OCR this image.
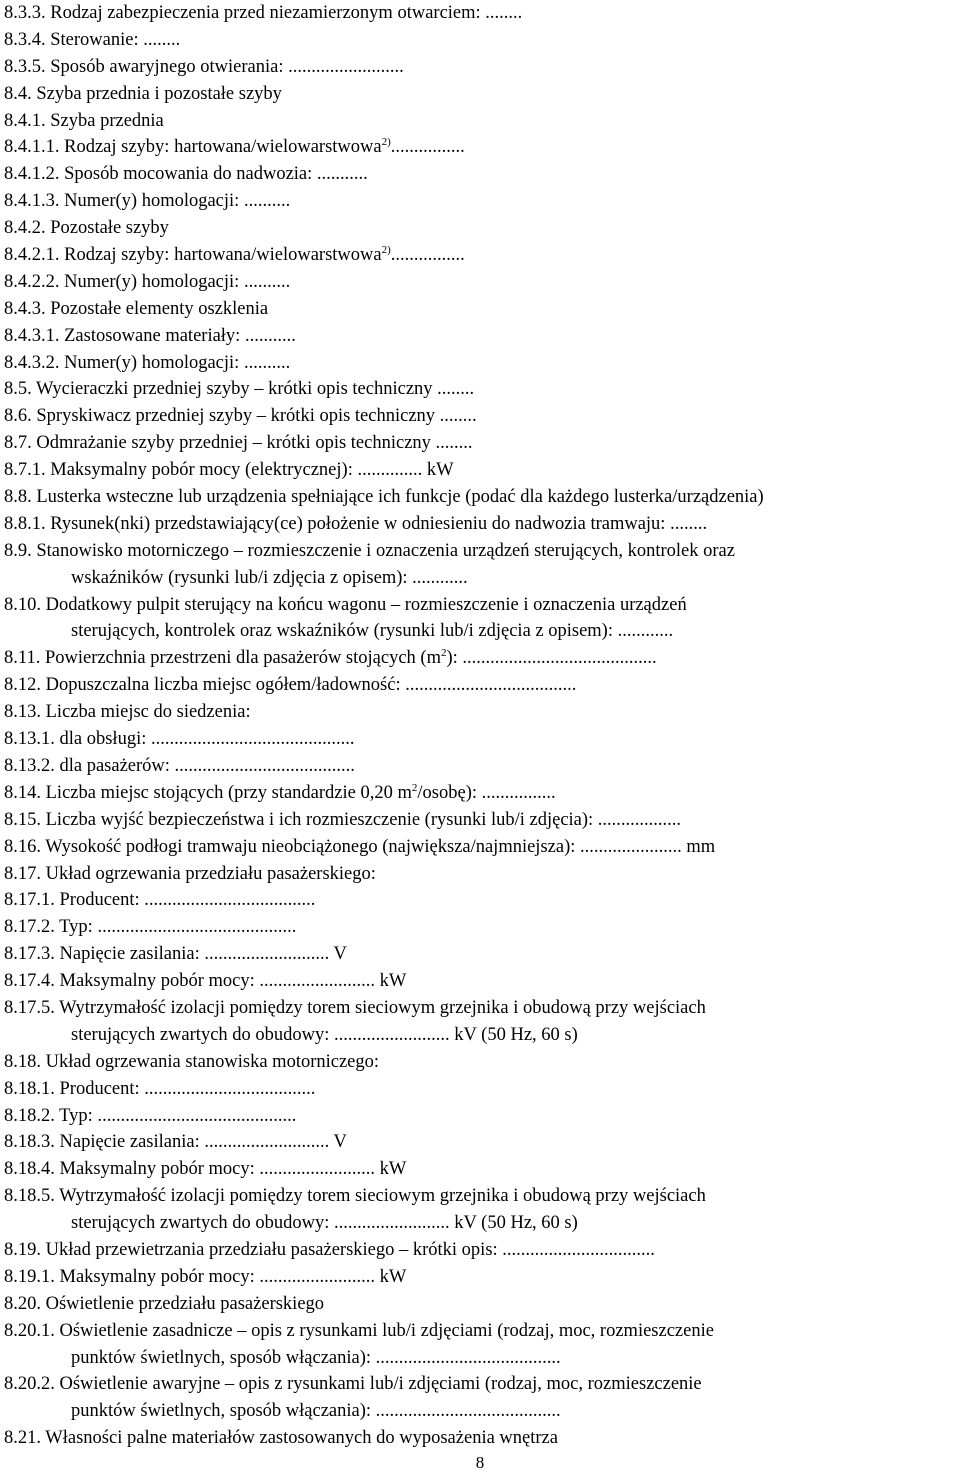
8.3.3. Rodzaj zabezpieczenia przed niezamierzonym otwarciem: ........
8.3.4. Sterowanie: ........
8.3.5. Sposób awaryjnego otwierania: .........................
8.4. Szyba przednia i pozostałe szyby
8.4.1. Szyba przednia
8.4.1.1. Rodzaj szyby: hartowana/wielowarstwowa$^{2)}$................
8.4.1.2. Sposób mocowania do nadwozia: ...........
8.4.1.3. Numer(y) homologacji: ..........
8.4.2. Pozostałe szyby
8.4.2.1. Rodzaj szyby: hartowana/wielowarstwowa$^{2)}$................
8.4.2.2. Numer(y) homologacji: ..........
8.4.3. Pozostałe elementy oszklenia
8.4.3.1. Zastosowane materiały: ...........
8.4.3.2. Numer(y) homologacji: ..........
8.5. Wycieraczki przedniej szyby – krótki opis techniczny ........
8.6. Spryskiwacz przedniej szyby – krótki opis techniczny ........
8.7. Odmrażanie szyby przedniej – krótki opis techniczny ........
8.7.1. Maksymalny pobór mocy (elektrycznej): .............. kW
8.8. Lusterka wsteczne lub urządzenia spełniające ich funkcje (podać dla każdego lusterka/urządzenia)
8.8.1. Rysunek(nki) przedstawiający(ce) położenie w odniesieniu do nadwozia tramwaju: ........
8.9. Stanowisko motorniczego – rozmieszczenie i oznaczenia urządzeń sterujących, kontrolek oraz
wskaźników (rysunki lub/i zdjęcia z opisem): ............
8.10. Dodatkowy pulpit sterujący na końcu wagonu – rozmieszczenie i oznaczenia urządzeń
sterujących, kontrolek oraz wskaźników (rysunki lub/i zdjęcia z opisem): ............
8.11. Powierzchnia przestrzeni dla pasażerów stojących $(m^2)$: ..........................................
8.12. Dopuszczalna liczba miejsc ogółem/ładowność: .....................................
8.13. Liczba miejsc do siedzenia:
8.13.1. dla obsługi: ............................................
8.13.2. dla pasażerów: .......................................
8.14. Liczba miejsc stojących (przy standardzie 0,20 $m^2/osobę$): ................
8.15. Liczba wyjść bezpieczeństwa i ich rozmieszczenie (rysunki lub/i zdjęcia): ..................
8.16. Wysokość podłogi tramwaju nieobciążonego (największa/najmniejsza): ...................... mm
8.17. Układ ogrzewania przedziału pasażerskiego:
8.17.1. Producent: .....................................
8.17.2. Typ: ...........................................
8.17.3. Napięcie zasilania: ........................... V
8.17.4. Maksymalny pobór mocy: ......................... kW
8.17.5. Wytrzymałość izolacji pomiędzy torem sieciowym grzejnika i obudową przy wejściach
sterujących zwartych do obudowy: ......................... kV (50 Hz, 60 s)
8.18. Układ ogrzewania stanowiska motorniczego:
8.18.1. Producent: .....................................
8.18.2. Typ: ...........................................
8.18.3. Napięcie zasilania: ........................... V
8.18.4. Maksymalny pobór mocy: ......................... kW
8.18.5. Wytrzymałość izolacji pomiędzy torem sieciowym grzejnika i obudową przy wejściach
sterujących zwartych do obudowy: ......................... kV (50 Hz, 60 s)
8.19. Układ przewietrzania przedziału pasażerskiego – krótki opis: .................................
8.19.1. Maksymalny pobór mocy: ......................... kW
8.20. Oświetlenie przedziału pasażerskiego
8.20.1. Oświetlenie zasadnicze – opis z rysunkami lub/i zdjęciami (rodzaj, moc, rozmieszczenie
punktów świetlnych, sposób włączania): ........................................
8.20.2. Oświetlenie awaryjne – opis z rysunkami lub/i zdjęciami (rodzaj, moc, rozmieszczenie
punktów świetlnych, sposób włączania): ........................................
8.21. Własności palne materiałów zastosowanych do wyposażenia wnętrza
8
